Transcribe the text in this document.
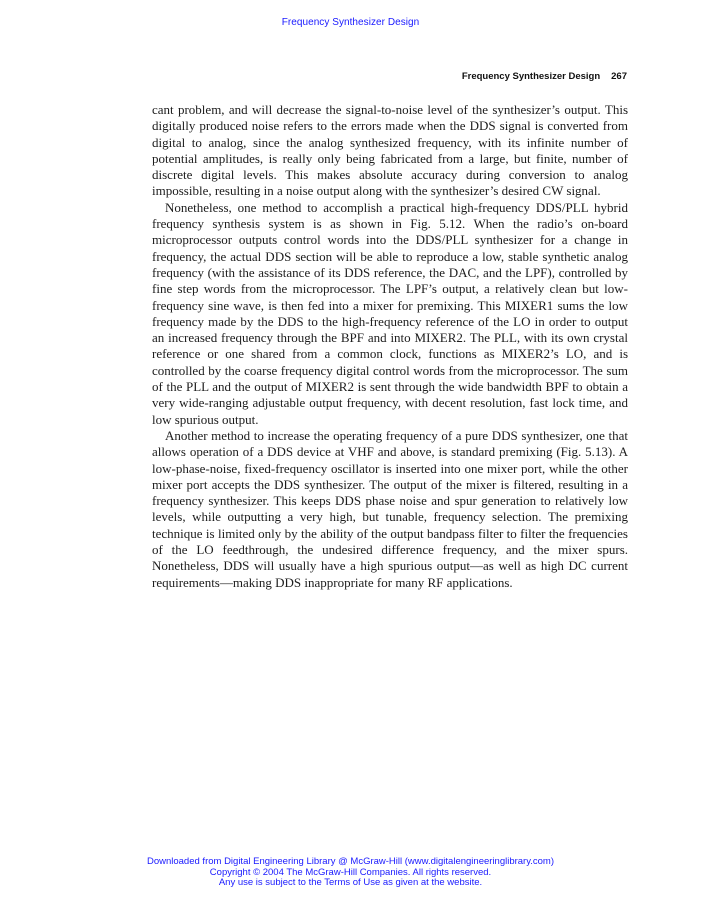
Frequency Synthesizer Design
Frequency Synthesizer Design 267

cant problem, and will decrease the signal-to-noise level of the synthesizer’s output. This digitally produced noise refers to the errors made when the DDS signal is converted from digital to analog, since the analog synthesized frequency, with its infinite number of potential amplitudes, is really only being fabricated from a large, but finite, number of discrete digital levels. This makes absolute accuracy during conversion to analog impossible, resulting in a noise output along with the synthesizer’s desired CW signal.

Nonetheless, one method to accomplish a practical high-frequency DDS/PLL hybrid frequency synthesis system is as shown in Fig. 5.12. When the radio’s on-board microprocessor outputs control words into the DDS/PLL synthesizer for a change in frequency, the actual DDS section will be able to reproduce a low, stable synthetic analog frequency (with the assistance of its DDS reference, the DAC, and the LPF), controlled by fine step words from the microprocessor. The LPF’s output, a relatively clean but low-frequency sine wave, is then fed into a mixer for premixing. This MIXER1 sums the low frequency made by the DDS to the high-frequency reference of the LO in order to output an increased frequency through the BPF and into MIXER2. The PLL, with its own crystal reference or one shared from a common clock, functions as MIXER2’s LO, and is controlled by the coarse frequency digital control words from the microprocessor. The sum of the PLL and the output of MIXER2 is sent through the wide bandwidth BPF to obtain a very wide-ranging adjustable output frequency, with decent resolution, fast lock time, and low spurious output.

Another method to increase the operating frequency of a pure DDS synthesizer, one that allows operation of a DDS device at VHF and above, is standard premixing (Fig. 5.13). A low-phase-noise, fixed-frequency oscillator is inserted into one mixer port, while the other mixer port accepts the DDS synthesizer. The output of the mixer is filtered, resulting in a frequency synthesizer. This keeps DDS phase noise and spur generation to relatively low levels, while outputting a very high, but tunable, frequency selection. The premixing technique is limited only by the ability of the output bandpass filter to filter the frequencies of the LO feedthrough, the undesired difference frequency, and the mixer spurs. Nonetheless, DDS will usually have a high spurious output—as well as high DC current requirements—making DDS inappropriate for many RF applications.

Downloaded from Digital Engineering Library @ McGraw-Hill (www.digitalengineeringlibrary.com)
Copyright © 2004 The McGraw-Hill Companies. All rights reserved.
Any use is subject to the Terms of Use as given at the website.
